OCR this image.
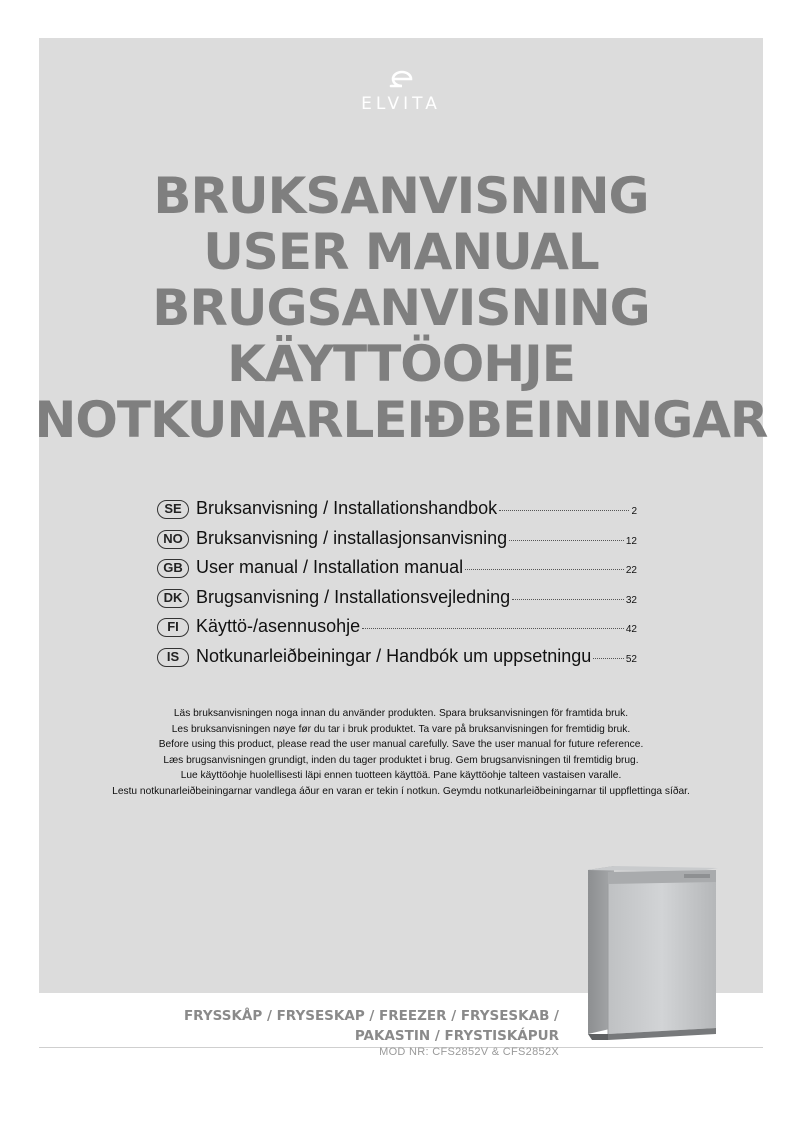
ELVITA
BRUKSANVISNING
USER MANUAL
BRUGSANVISNING
KÄYTTÖOHJE
NOTKUNARLEIÐBEININGAR
SE Bruksanvisning / Installationshandbok	2
NO Bruksanvisning / installasjonsanvisning	12
GB User manual / Installation manual	22
DK Brugsanvisning / Installationsvejledning	32
FI Käyttö-/asennusohje	42
IS Notkunarleiðbeiningar / Handbók um uppsetningu	52
Läs bruksanvisningen noga innan du använder produkten. Spara bruksanvisningen för framtida bruk.
Les bruksanvisningen nøye før du tar i bruk produktet. Ta vare på bruksanvisningen for fremtidig bruk.
Before using this product, please read the user manual carefully. Save the user manual for future reference.
Læs brugsanvisningen grundigt, inden du tager produktet i brug. Gem brugsanvisningen til fremtidig brug.
Lue käyttöohje huolellisesti läpi ennen tuotteen käyttöä. Pane käyttöohje talteen vastaisen varalle.
Lestu notkunarleiðbeiningarnar vandlega áður en varan er tekin í notkun. Geymdu notkunarleiðbeiningarnar til uppflettinga síðar.
FRYSSKÅP / FRYSESKAP / FREEZER / FRYSESKAB /
PAKASTIN / FRYSTISKÁPUR
MOD NR: CFS2852V & CFS2852X
